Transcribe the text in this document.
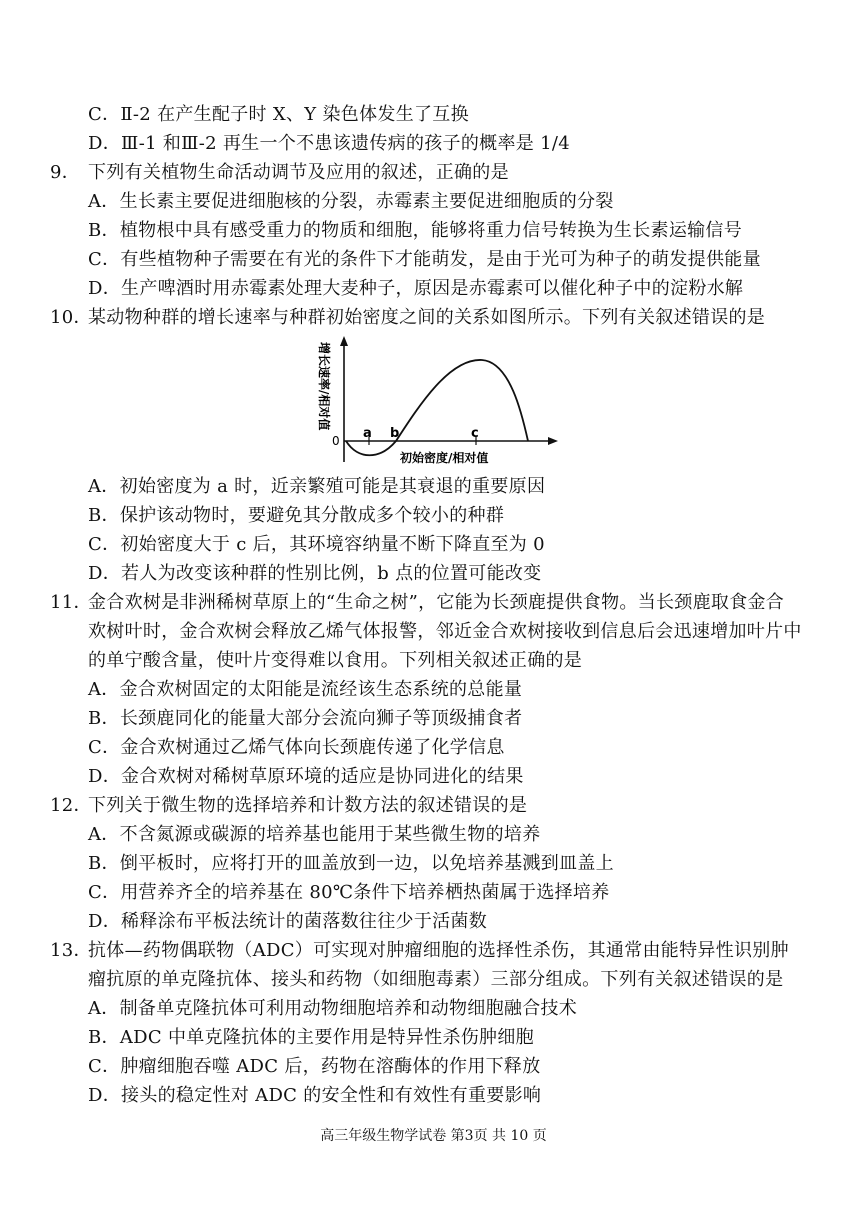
C．Ⅱ-2 在产生配子时 X、Y 染色体发生了互换
D．Ⅲ-1 和Ⅲ-2 再生一个不患该遗传病的孩子的概率是 1/4
9． 下列有关植物生命活动调节及应用的叙述，正确的是
A．生长素主要促进细胞核的分裂，赤霉素主要促进细胞质的分裂
B．植物根中具有感受重力的物质和细胞，能够将重力信号转换为生长素运输信号
C．有些植物种子需要在有光的条件下才能萌发，是由于光可为种子的萌发提供能量
D．生产啤酒时用赤霉素处理大麦种子，原因是赤霉素可以催化种子中的淀粉水解
10．
某动物种群的增长速率与种群初始密度之间的关系如图所示。下列有关叙述错误的是
0 a b	c
初始密度/相对值
增长速率/相对值
A．初始密度为 a 时，近亲繁殖可能是其衰退的重要原因
B．保护该动物时，要避免其分散成多个较小的种群
C．初始密度大于 c 后，其环境容纳量不断下降直至为 0
D．若人为改变该种群的性别比例，b 点的位置可能改变
11．
金合欢树是非洲稀树草原上的“生命之树”，它能为长颈鹿提供食物。当长颈鹿取食金合
欢树叶时，金合欢树会释放乙烯气体报警，邻近金合欢树接收到信息后会迅速增加叶片中
的单宁酸含量，使叶片变得难以食用。下列相关叙述正确的是
A．金合欢树固定的太阳能是流经该生态系统的总能量
B．长颈鹿同化的能量大部分会流向狮子等顶级捕食者
C．金合欢树通过乙烯气体向长颈鹿传递了化学信息
D．金合欢树对稀树草原环境的适应是协同进化的结果
12．
下列关于微生物的选择培养和计数方法的叙述错误的是
A．不含氮源或碳源的培养基也能用于某些微生物的培养
B．倒平板时，应将打开的皿盖放到一边，以免培养基溅到皿盖上
C．用营养齐全的培养基在 80℃条件下培养栖热菌属于选择培养
D．稀释涂布平板法统计的菌落数往往少于活菌数
13．
抗体—药物偶联物（ADC）可实现对肿瘤细胞的选择性杀伤，其通常由能特异性识别肿
瘤抗原的单克隆抗体、接头和药物（如细胞毒素）三部分组成。下列有关叙述错误的是
A．制备单克隆抗体可利用动物细胞培养和动物细胞融合技术
B．ADC 中单克隆抗体的主要作用是特异性杀伤肿细胞
C．肿瘤细胞吞噬 ADC 后，药物在溶酶体的作用下释放
D．接头的稳定性对 ADC 的安全性和有效性有重要影响
高三年级生物学试卷 第3页 共 10 页
